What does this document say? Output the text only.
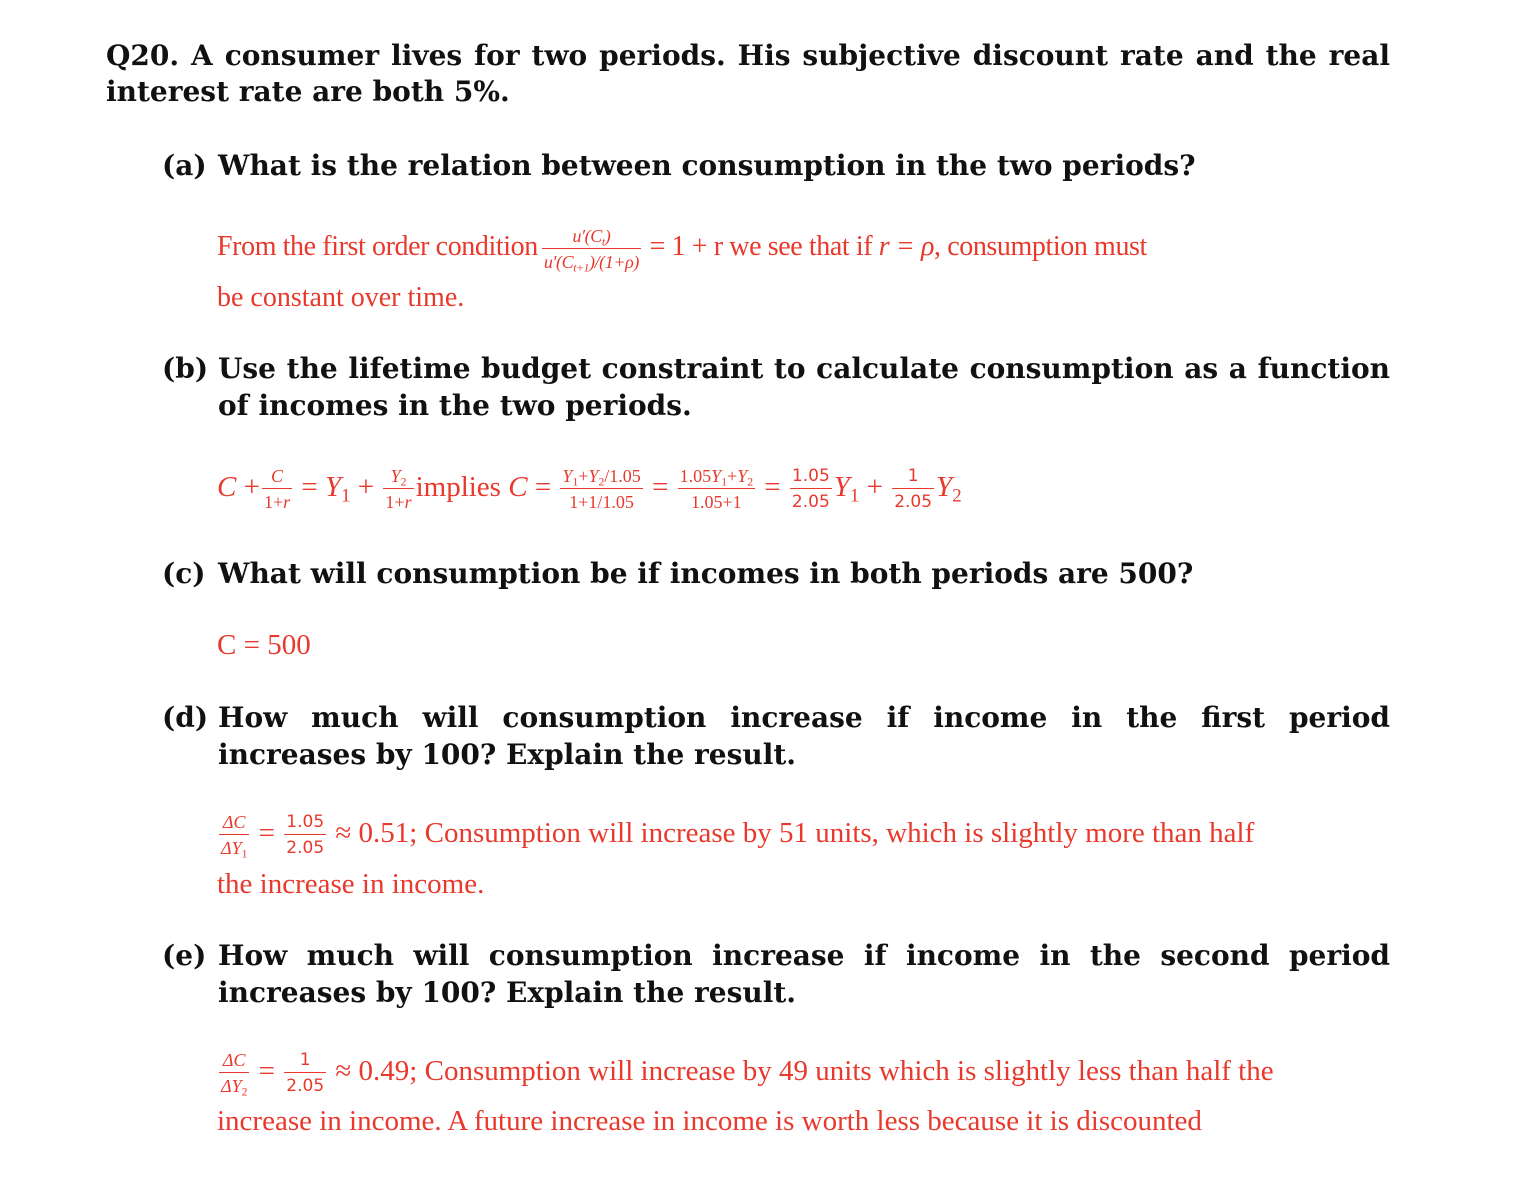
Q20. A consumer lives for two periods. His subjective discount rate and the real interest rate are both 5%.
(a) What is the relation between consumption in the two periods?
From the first order condition $\frac{u'(C_t)}{u'(C_{t+1})/(1+\rho)} = 1 + r$ we see that if r = ρ, consumption must
be constant over time.
(b) Use the lifetime budget constraint to calculate consumption as a function of incomes in the two periods.
$C + \frac{C}{1+r} = Y_1 + \frac{Y_2}{1+r}$ implies $C = \frac{Y_1+Y_2/1.05}{1+1/1.05} = \frac{1.05Y_1+Y_2}{1.05+1} = \frac{1.05}{2.05} Y_1 + \frac{1}{2.05} Y_2$
(c) What will consumption be if incomes in both periods are 500?
C = 500
(d) How much will consumption increase if income in the first period increases by 100? Explain the result.
$\frac{\Delta C}{\Delta Y_1} = \frac{1.05}{2.05} \approx 0.51$; Consumption will increase by 51 units, which is slightly more than half
the increase in income.
(e) How much will consumption increase if income in the second period increases by 100? Explain the result.
$\frac{\Delta C}{\Delta Y_2} = \frac{1}{2.05} \approx 0.49$; Consumption will increase by 49 units which is slightly less than half the
increase in income. A future increase in income is worth less because it is discounted
